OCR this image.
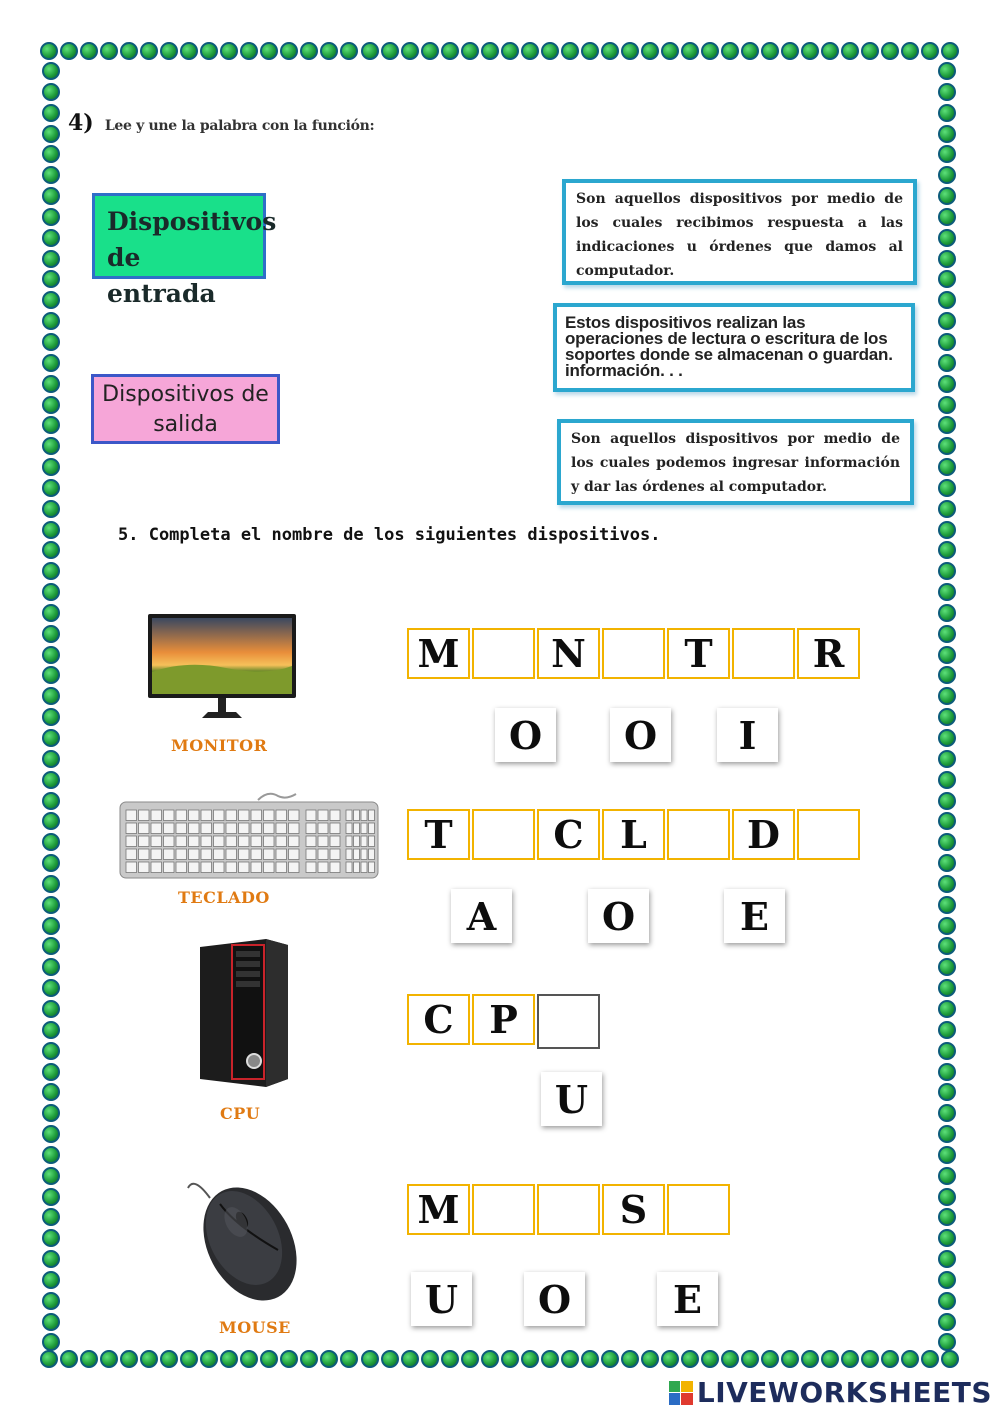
4) Lee y une la palabra con la función:
Dispositivos de entrada
Dispositivos de salida
Son aquellos dispositivos por medio de los cuales recibimos respuesta a las indicaciones u órdenes que damos al computador.
Estos dispositivos realizan las operaciones de lectura o escritura de los soportes donde se almacenan o guardan. información. . .
Son aquellos dispositivos por medio de los cuales podemos ingresar información y dar las órdenes al computador.
5. Completa el nombre de los siguientes dispositivos.
MONITOR
M	N	T	R
O	O	I
TECLADO
T	C L	D
A	O	E
CPU
C P
U
MOUSE
M	S
U	O	E
LIVEWORKSHEETS
